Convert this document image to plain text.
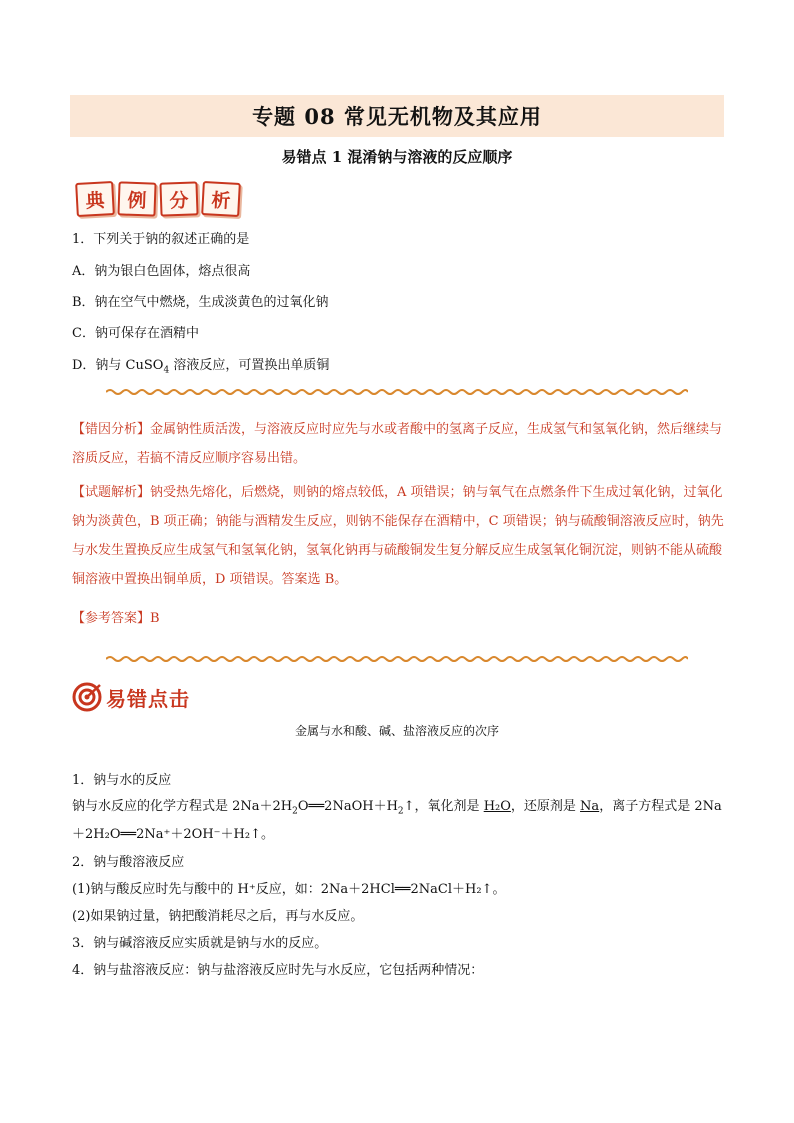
专题 08 常见无机物及其应用
易错点 1 混淆钠与溶液的反应顺序
典	例	分	析
1．下列关于钠的叙述正确的是
A．钠为银白色固体，熔点很高
B．钠在空气中燃烧，生成淡黄色的过氧化钠
C．钠可保存在酒精中
D．钠与 CuSO$_4$ 溶液反应，可置换出单质铜
【错因分析】金属钠性质活泼，与溶液反应时应先与水或者酸中的氢离子反应，生成氢气和氢氧化钠，然后继续与溶质反应，若搞不清反应顺序容易出错。
【试题解析】钠受热先熔化，后燃烧，则钠的熔点较低，A 项错误；钠与氧气在点燃条件下生成过氧化钠，过氧化钠为淡黄色，B 项正确；钠能与酒精发生反应，则钠不能保存在酒精中，C 项错误；钠与硫酸铜溶液反应时，钠先与水发生置换反应生成氢气和氢氧化钠，氢氧化钠再与硫酸铜发生复分解反应生成氢氧化铜沉淀，则钠不能从硫酸铜溶液中置换出铜单质，D 项错误。答案选 B。
【参考答案】B
易错点击
金属与水和酸、碱、盐溶液反应的次序
1．钠与水的反应
钠与水反应的化学方程式是 $2Na+2H_2O══2NaOH+H_2↑$，氧化剂是 H₂O，还原剂是 Na，离子方程式是 2Na
＋2H₂O══2Na⁺＋2OH⁻＋H₂↑。
2．钠与酸溶液反应
(1)钠与酸反应时先与酸中的 H⁺反应，如：2Na＋2HCl══2NaCl＋H₂↑。
(2)如果钠过量，钠把酸消耗尽之后，再与水反应。
3．钠与碱溶液反应实质就是钠与水的反应。
4．钠与盐溶液反应：钠与盐溶液反应时先与水反应，它包括两种情况：
